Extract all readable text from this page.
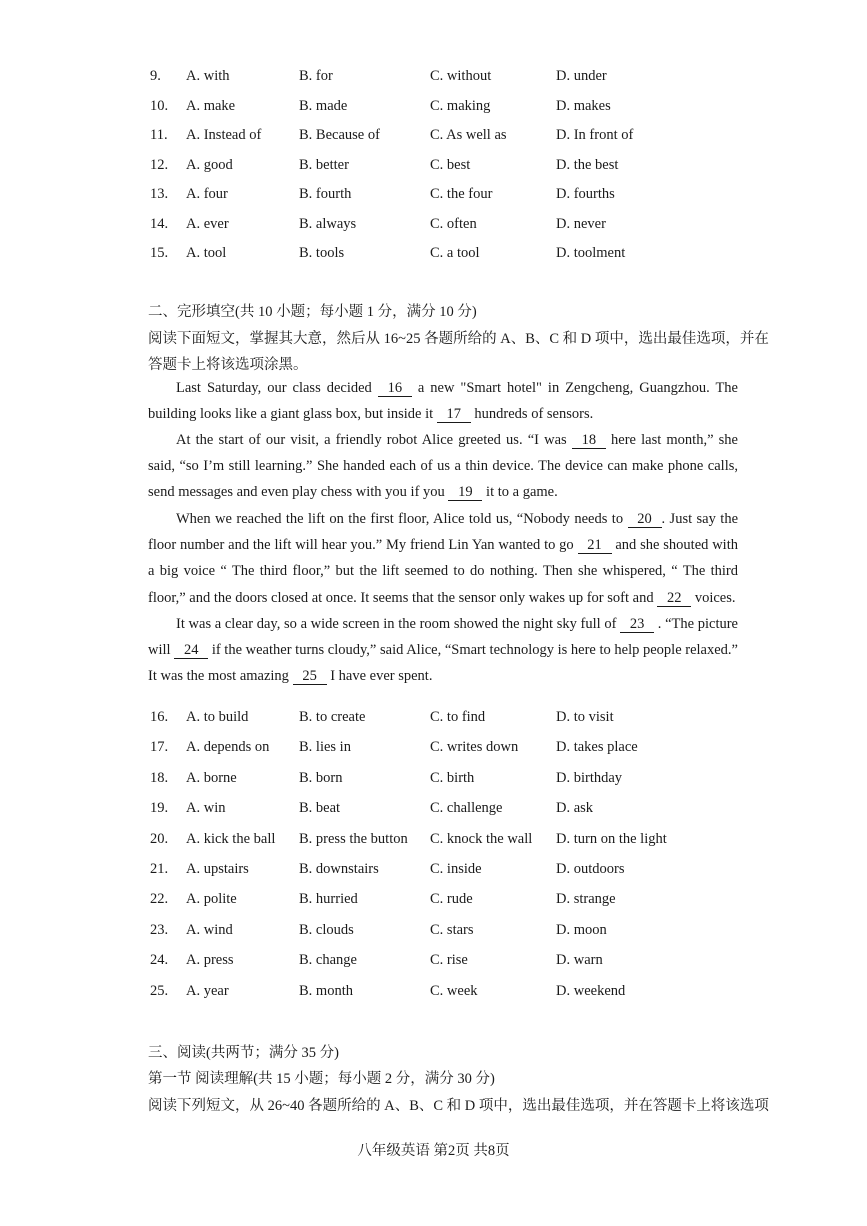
9. A. with	B. for	C. without	D. under
10. A. make	B. made	C. making	D. makes
11. A. Instead of	B. Because of	C. As well as	D. In front of
12. A. good	B. better	C. best	D. the best
13. A. four	B. fourth	C. the four	D. fourths
14. A. ever	B. always	C. often	D. never
15. A. tool	B. tools	C. a tool	D. toolment
二、完形填空(共 10 小题；每小题 1 分，满分 10 分)
阅读下面短文，掌握其大意，然后从 16~25 各题所给的 A、B、C 和 D 项中，选出最佳选项，并在
答题卡上将该选项涂黑。

Last Saturday, our class decided 16 a new "Smart hotel" in Zengcheng, Guangzhou. The building looks like a giant glass box, but inside it 17 hundreds of sensors.

At the start of our visit, a friendly robot Alice greeted us. “I was 18 here last month,” she said, “so I’m still learning.” She handed each of us a thin device. The device can make phone calls, send messages and even play chess with you if you 19 it to a game.

When we reached the lift on the first floor, Alice told us, “Nobody needs to 20 . Just say the floor number and the lift will hear you.” My friend Lin Yan wanted to go 21 and she shouted with a big voice “ The third floor,” but the lift seemed to do nothing. Then she whispered, “ The third floor,” and the doors closed at once. It seems that the sensor only wakes up for soft and 22 voices.

It was a clear day, so a wide screen in the room showed the night sky full of 23 . “The picture will 24 if the weather turns cloudy,” said Alice, “Smart technology is here to help people relaxed.” It was the most amazing 25 I have ever spent.

16. A. to build	B. to create	C. to find	D. to visit
17. A. depends on B. lies in	C. writes down	D. takes place
18. A. borne	B. born	C. birth	D. birthday
19. A. win	B. beat	C. challenge	D. ask
20. A. kick the ball B. press the button C. knock the wall D. turn on the light
21. A. upstairs	B. downstairs	C. inside	D. outdoors
22. A. polite	B. hurried	C. rude	D. strange
23. A. wind	B. clouds	C. stars	D. moon
24. A. press	B. change	C. rise	D. warn
25. A. year	B. month	C. week	D. weekend
三、阅读(共两节；满分 35 分)
第一节 阅读理解(共 15 小题；每小题 2 分，满分 30 分)
阅读下列短文，从 26~40 各题所给的 A、B、C 和 D 项中，选出最佳选项，并在答题卡上将该选项
八年级英语 第2页 共8页
